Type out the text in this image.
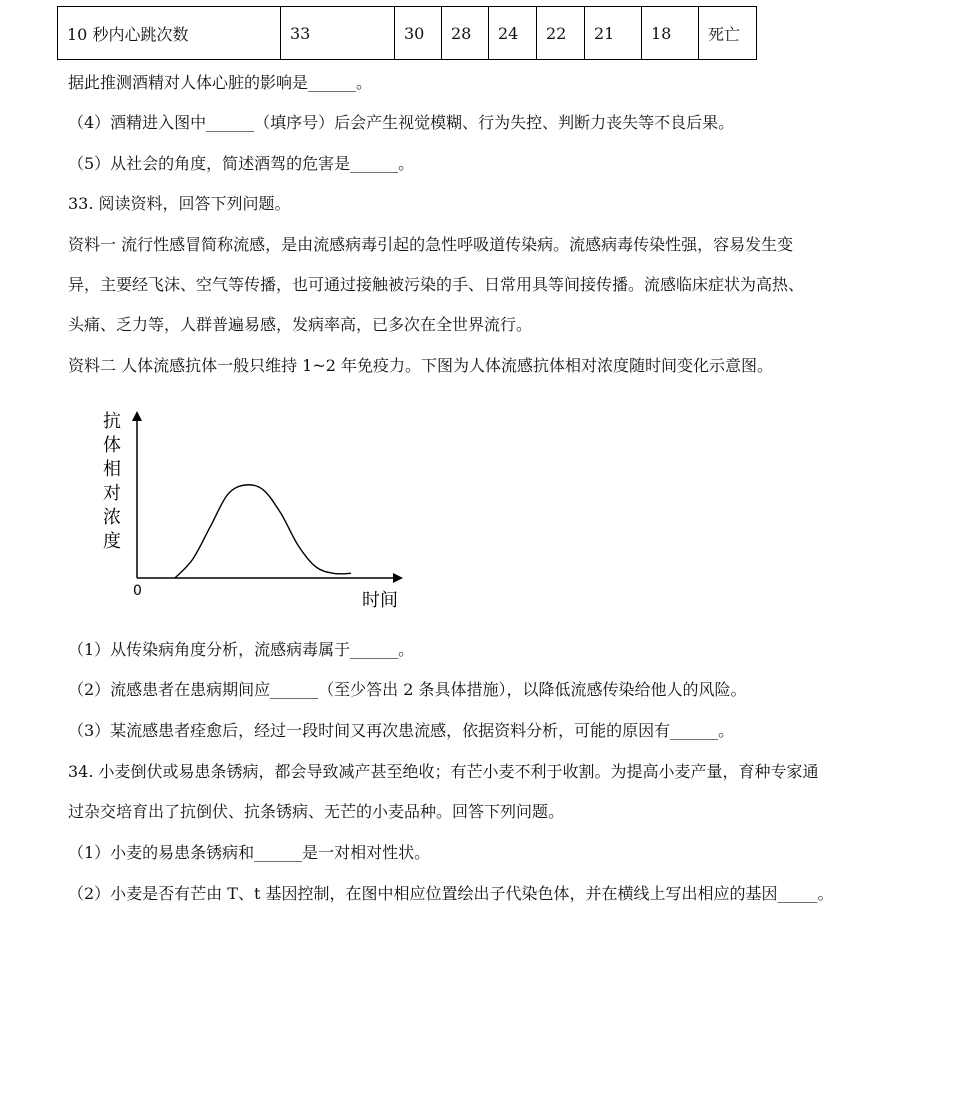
10 秒内心跳次数	33	30	28	24	22	21	18	死亡
据此推测酒精对人体心脏的影响是______。
（4）酒精进入图中______（填序号）后会产生视觉模糊、行为失控、判断力丧失等不良后果。
（5）从社会的角度，简述酒驾的危害是______。
33. 阅读资料，回答下列问题。
资料一 流行性感冒简称流感，是由流感病毒引起的急性呼吸道传染病。流感病毒传染性强，容易发生变
异，主要经飞沫、空气等传播，也可通过接触被污染的手、日常用具等间接传播。流感临床症状为高热、
头痛、乏力等，人群普遍易感，发病率高，已多次在全世界流行。
资料二 人体流感抗体一般只维持 1~2 年免疫力。下图为人体流感抗体相对浓度随时间变化示意图。
抗
体
相
对
浓
度
0	时间
（1）从传染病角度分析，流感病毒属于______。
（2）流感患者在患病期间应______（至少答出 2 条具体措施），以降低流感传染给他人的风险。
（3）某流感患者痊愈后，经过一段时间又再次患流感，依据资料分析，可能的原因有______。
34. 小麦倒伏或易患条锈病，都会导致减产甚至绝收；有芒小麦不利于收割。为提高小麦产量，育种专家通
过杂交培育出了抗倒伏、抗条锈病、无芒的小麦品种。回答下列问题。
（1）小麦的易患条锈病和______是一对相对性状。
（2）小麦是否有芒由 T、t 基因控制，在图中相应位置绘出子代染色体，并在横线上写出相应的基因_____。
